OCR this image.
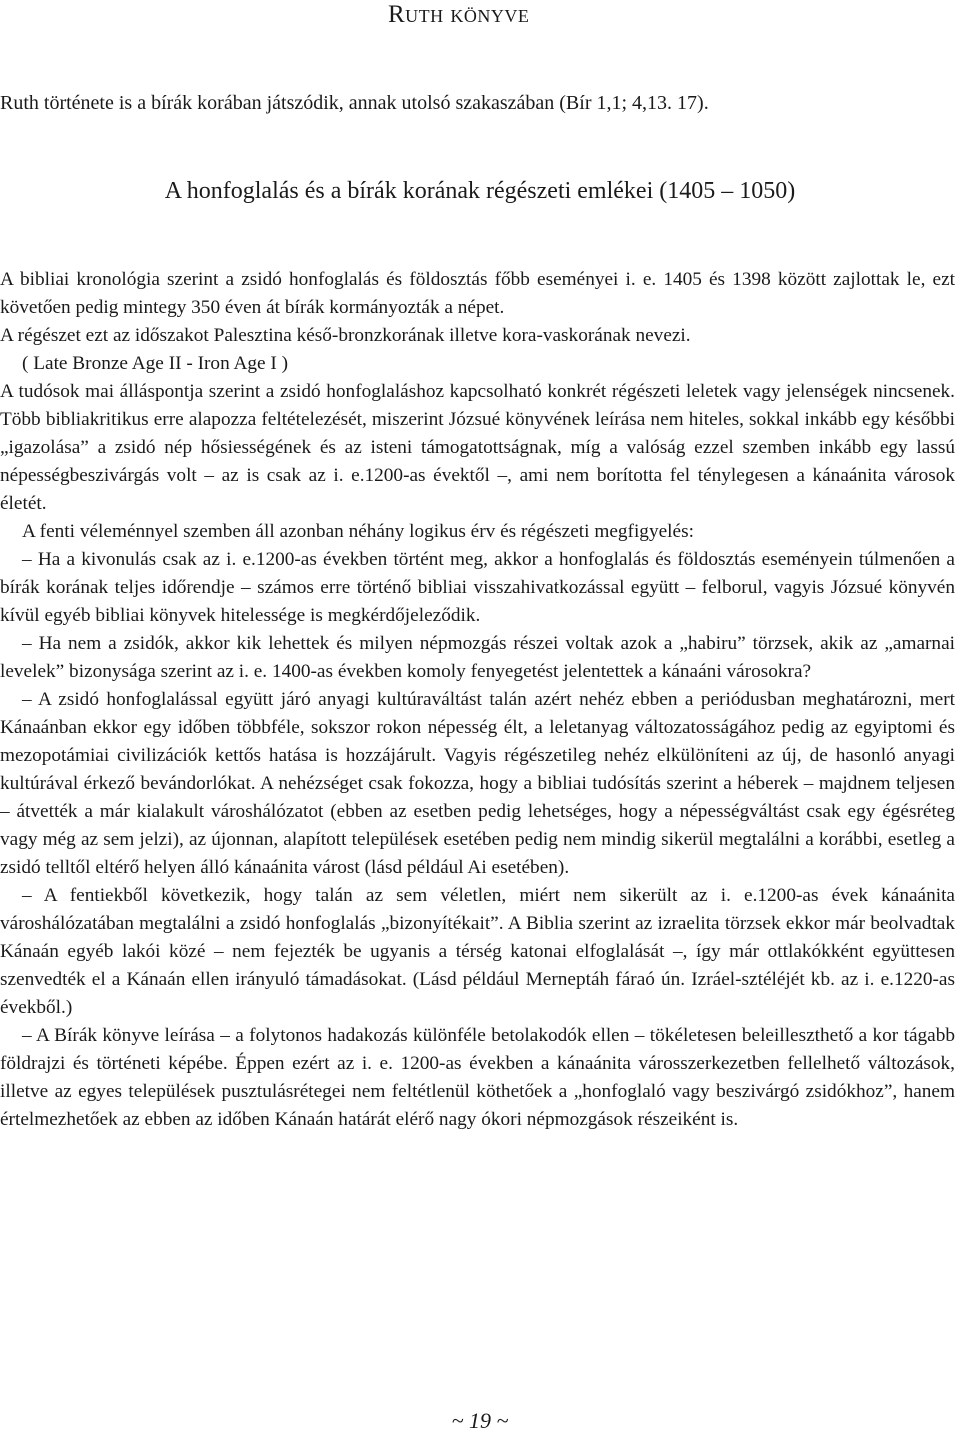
Ruth könyve

Ruth története is a bírák korában játszódik, annak utolsó szakaszában (Bír 1,1; 4,13. 17).

A honfoglalás és a bírák korának régészeti emlékei (1405 – 1050)

A bibliai kronológia szerint a zsidó honfoglalás és földosztás főbb eseményei i. e. 1405 és 1398 között zajlottak le, ezt követően pedig mintegy 350 éven át bírák kormányozták a népet.

A régészet ezt az időszakot Palesztina késő-bronzkorának illetve kora-vaskorának nevezi.

( Late Bronze Age II - Iron Age I )

A tudósok mai álláspontja szerint a zsidó honfoglaláshoz kapcsolható konkrét régészeti leletek vagy jelenségek nincsenek. Több bibliakritikus erre alapozza feltételezését, miszerint Józsué könyvének leírása nem hiteles, sokkal inkább egy későbbi „igazolása” a zsidó nép hősiességének és az isteni támogatottságnak, míg a valóság ezzel szemben inkább egy lassú népességbeszivárgás volt – az is csak az i. e.1200-as évektől –, ami nem borította fel ténylegesen a kánaánita városok életét.

A fenti véleménnyel szemben áll azonban néhány logikus érv és régészeti megfigyelés:

– Ha a kivonulás csak az i. e.1200-as években történt meg, akkor a honfoglalás és földosztás eseményein túlmenően a bírák korának teljes időrendje – számos erre történő bibliai visszahivatkozással együtt – felborul, vagyis Józsué könyvén kívül egyéb bibliai könyvek hitelessége is megkérdőjeleződik.

– Ha nem a zsidók, akkor kik lehettek és milyen népmozgás részei voltak azok a „habiru” törzsek, akik az „amarnai levelek” bizonysága szerint az i. e. 1400-as években komoly fenyegetést jelentettek a kánaáni városokra?

– A zsidó honfoglalással együtt járó anyagi kultúraváltást talán azért nehéz ebben a periódusban meghatározni, mert Kánaánban ekkor egy időben többféle, sokszor rokon népesség élt, a leletanyag változatosságához pedig az egyiptomi és mezopotámiai civilizációk kettős hatása is hozzájárult. Vagyis régészetileg nehéz elkülöníteni az új, de hasonló anyagi kultúrával érkező bevándorlókat. A nehézséget csak fokozza, hogy a bibliai tudósítás szerint a héberek – majdnem teljesen – átvették a már kialakult városhálózatot (ebben az esetben pedig lehetséges, hogy a népességváltást csak egy égésréteg vagy még az sem jelzi), az újonnan, alapított települések esetében pedig nem mindig sikerül megtalálni a korábbi, esetleg a zsidó telltől eltérő helyen álló kánaánita várost (lásd például Ai esetében).

– A fentiekből következik, hogy talán az sem véletlen, miért nem sikerült az i. e.1200-as évek kánaánita városhálózatában megtalálni a zsidó honfoglalás „bizonyítékait”. A Biblia szerint az izraelita törzsek ekkor már beolvadtak Kánaán egyéb lakói közé – nem fejezték be ugyanis a térség katonai elfoglalását –, így már ottlakókként együttesen szenvedték el a Kánaán ellen irányuló támadásokat. (Lásd például Merneptáh fáraó ún. Izráel-sztéléjét kb. az i. e.1220-as évekből.)

– A Bírák könyve leírása – a folytonos hadakozás különféle betolakodók ellen – tökéletesen beleilleszthető a kor tágabb földrajzi és történeti képébe. Éppen ezért az i. e. 1200-as években a kánaánita városszerkezetben fellelhető változások, illetve az egyes települések pusztulásrétegei nem feltétlenül köthetőek a „honfoglaló vagy beszivárgó zsidókhoz”, hanem értelmezhetőek az ebben az időben Kánaán határát elérő nagy ókori népmozgások részeiként is.

~ 19 ~
